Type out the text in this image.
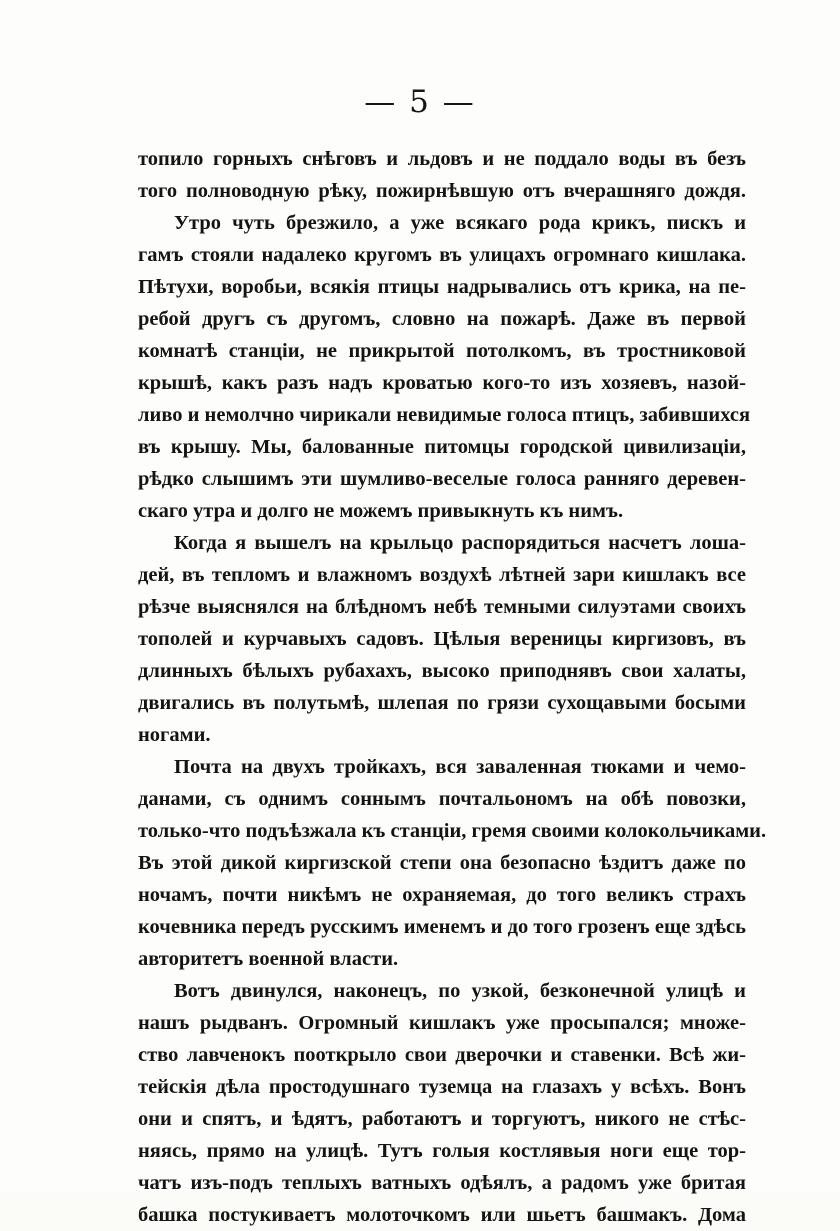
— 5 —
топило горныхъ снѣговъ и льдовъ и не поддало воды въ безъ
того полноводную рѣку, пожирнѣвшую отъ вчерашняго дождя.
Утро чуть брезжило, а уже всякаго рода крикъ, пискъ и
гамъ стояли надалеко кругомъ въ улицахъ огромнаго кишлака.
Пѣтухи, воробьи, всякія птицы надрывались отъ крика, на пе-
ребой другъ съ другомъ, словно на пожарѣ. Даже въ первой
комнатѣ станціи, не прикрытой потолкомъ, въ тростниковой
крышѣ, какъ разъ надъ кроватью кого-то изъ хозяевъ, назой-
ливо и немолчно чирикали невидимые голоса птицъ, забившихся
въ крышу. Мы, балованные питомцы городской цивилизаціи,
рѣдко слышимъ эти шумливо-веселые голоса ранняго деревен-
скаго утра и долго не можемъ привыкнуть къ нимъ.
Когда я вышелъ на крыльцо распорядиться насчетъ лоша-
дей, въ тепломъ и влажномъ воздухѣ лѣтней зари кишлакъ все
рѣзче выяснялся на блѣдномъ небѣ темными силуэтами своихъ
тополей и курчавыхъ садовъ. Цѣлыя вереницы киргизовъ, въ
длинныхъ бѣлыхъ рубахахъ, высоко приподнявъ свои халаты,
двигались въ полутьмѣ, шлепая по грязи сухощавыми босыми
ногами.
Почта на двухъ тройкахъ, вся заваленная тюками и чемо-
данами, съ однимъ соннымъ почтальономъ на обѣ повозки,
только-что подъѣзжала къ станціи, гремя своими колокольчиками.
Въ этой дикой киргизской степи она безопасно ѣздитъ даже по
ночамъ, почти никѣмъ не охраняемая, до того великъ страхъ
кочевника передъ русскимъ именемъ и до того грозенъ еще здѣсь
авторитетъ военной власти.
Вотъ двинулся, наконецъ, по узкой, безконечной улицѣ и
нашъ рыдванъ. Огромный кишлакъ уже просыпался; множе-
ство лавченокъ пооткрыло свои дверочки и ставенки. Всѣ жи-
тейскія дѣла простодушнаго туземца на глазахъ у всѣхъ. Вонъ
они и спятъ, и ѣдятъ, работаютъ и торгуютъ, никого не стѣс-
няясь, прямо на улицѣ. Тутъ голыя костлявыя ноги еще тор-
чатъ изъ-подъ теплыхъ ватныхъ одѣялъ, а радомъ уже бритая
башка постукиваетъ молоточкомъ или шьетъ башмакъ. Дома
